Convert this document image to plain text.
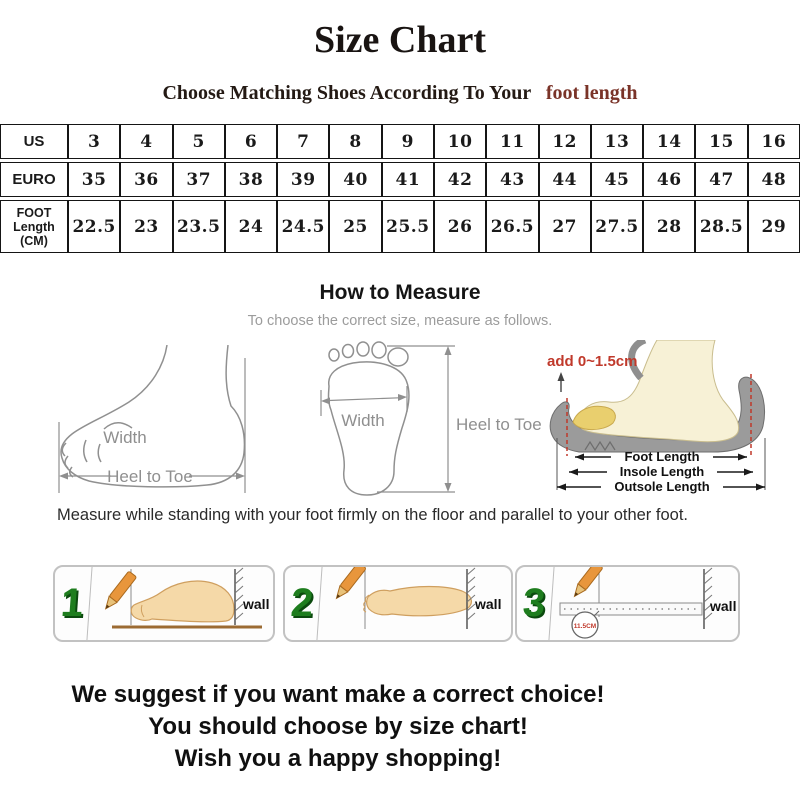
Size Chart
Choose Matching Shoes According To Your foot length
US	3	4	5	6	7	8	9	10	11	12	13	14	15	16
EURO	35	36	37	38	39	40	41	42	43	44	45	46	47	48

FOOT
Length
(CM)	22.5	23	23.5	24	24.5	25	25.5	26	26.5	27	27.5	28	28.5	29
How to Measure
To choose the correct size, measure as follows.
Width
Heel to Toe
Width	Heel to Toe
add 0~1.5cm
Foot Length
Insole Length
Outsole Length
Measure while standing with your foot firmly on the floor and parallel to your other foot.
1	wall 2	wall 3	wall
11.5CM
We suggest if you want make a correct choice!
You should choose by size chart!
Wish you a happy shopping!
